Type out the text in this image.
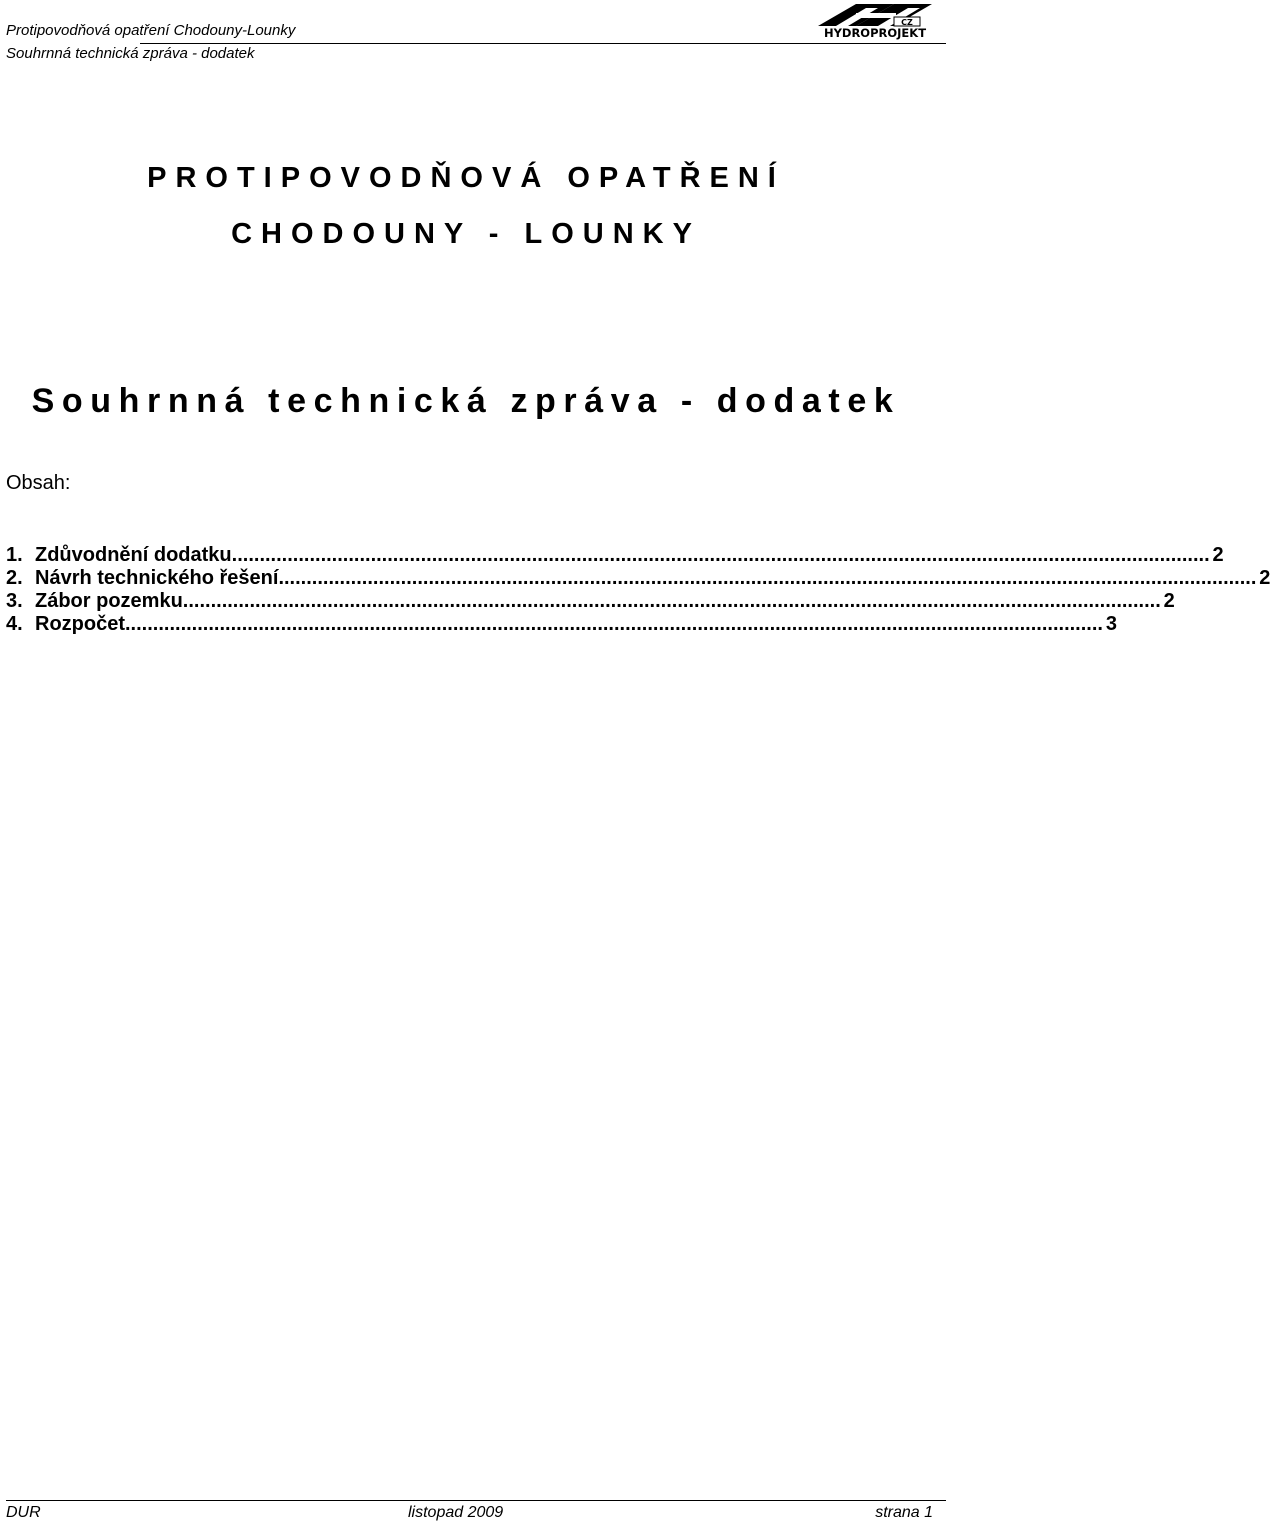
Protipovodňová opatření Chodouny-Lounky
Souhrnná technická zpráva - dodatek
CZ
HYDROPROJEKT
PROTIPOVODŇOVÁ OPATŘENÍ
CHODOUNY - LOUNKY
Souhrnná technická zpráva - dodatek
Obsah:
1. Zdůvodnění dodatku ................................................................................................................................................................................ 2
2. Návrh technického řešení ................................................................................................................................................................................ 2
3. Zábor pozemku ................................................................................................................................................................................ 2
4. Rozpočet ................................................................................................................................................................................ 3
DUR	listopad 2009	strana 1
